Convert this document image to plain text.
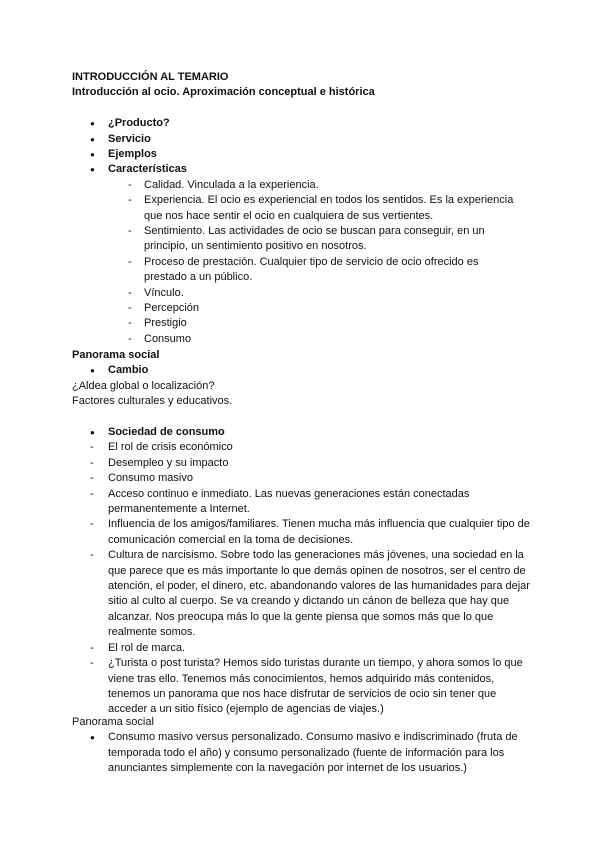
INTRODUCCIÓN AL TEMARIO
Introducción al ocio. Aproximación conceptual e histórica
● ¿Producto?
● Servicio
● Ejemplos
● Características
- Calidad. Vinculada a la experiencia.
- Experiencia. El ocio es experiencial en todos los sentidos. Es la experiencia que nos hace sentir el ocio en cualquiera de sus vertientes.
- Sentimiento. Las actividades de ocio se buscan para conseguir, en un principio, un sentimiento positivo en nosotros.
- Proceso de prestación. Cualquier tipo de servicio de ocio ofrecido es prestado a un público.
- Vínculo.
- Percepción
- Prestigio
- Consumo
Panorama social
● Cambio
¿Aldea global o localización?
Factores culturales y educativos.
● Sociedad de consumo
- El rol de crisis económico
- Desempleo y su impacto
- Consumo masivo
- Acceso continuo e inmediato. Las nuevas generaciones están conectadas permanentemente a Internet.
- Influencia de los amigos/familiares. Tienen mucha más influencia que cualquier tipo de comunicación comercial en la toma de decisiones.
- Cultura de narcisismo. Sobre todo las generaciones más jóvenes, una sociedad en la que parece que es más importante lo que demás opinen de nosotros, ser el centro de atención, el poder, el dinero, etc. abandonando valores de las humanidades para dejar sitio al culto al cuerpo. Se va creando y dictando un cánon de belleza que hay que alcanzar. Nos preocupa más lo que la gente piensa que somos más que lo que realmente somos.
- El rol de marca.
- ¿Turista o post turista? Hemos sido turistas durante un tiempo, y ahora somos lo que viene tras ello. Tenemos más conocimientos, hemos adquirido más contenidos, tenemos un panorama que nos hace disfrutar de servicios de ocio sin tener que acceder a un sitio físico (ejemplo de agencias de viajes.)
Panorama social
● Consumo masivo versus personalizado. Consumo masivo e indiscriminado (fruta de temporada todo el año) y consumo personalizado (fuente de información para los anunciantes simplemente con la navegación por internet de los usuarios.)
